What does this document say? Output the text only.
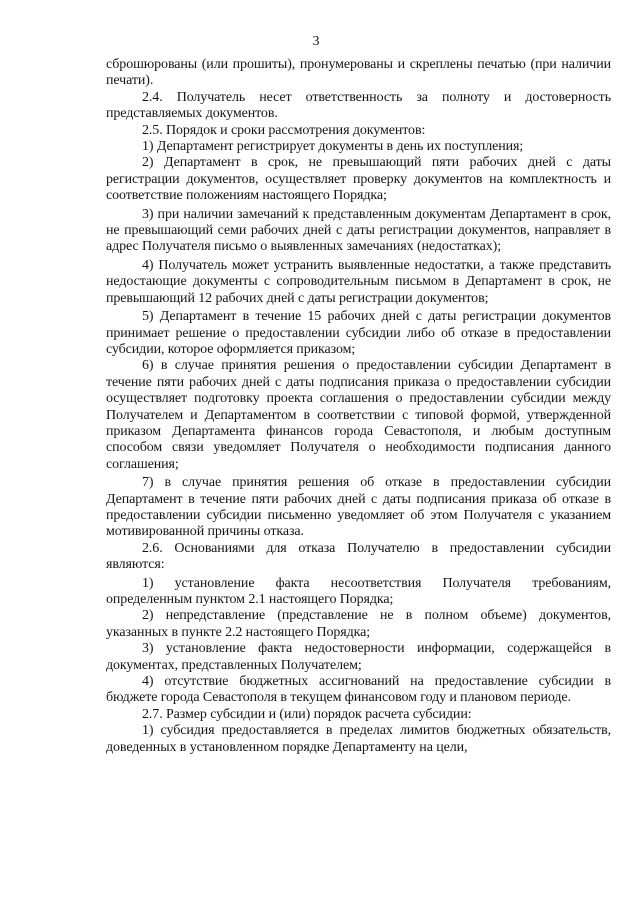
3

сброшюрованы (или прошиты), пронумерованы и скреплены печатью (при наличии печати).

2.4. Получатель несет ответственность за полноту и достоверность представляемых документов.

2.5. Порядок и сроки рассмотрения документов:

1) Департамент регистрирует документы в день их поступления;

2) Департамент в срок, не превышающий пяти рабочих дней с даты регистрации документов, осуществляет проверку документов на комплектность и соответствие положениям настоящего Порядка;

3) при наличии замечаний к представленным документам Департамент в срок, не превышающий семи рабочих дней с даты регистрации документов, направляет в адрес Получателя письмо о выявленных замечаниях (недостатках);

4) Получатель может устранить выявленные недостатки, а также представить недостающие документы с сопроводительным письмом в Департамент в срок, не превышающий 12 рабочих дней с даты регистрации документов;

5) Департамент в течение 15 рабочих дней с даты регистрации документов принимает решение о предоставлении субсидии либо об отказе в предоставлении субсидии, которое оформляется приказом;

6) в случае принятия решения о предоставлении субсидии Департамент в течение пяти рабочих дней с даты подписания приказа о предоставлении субсидии осуществляет подготовку проекта соглашения о предоставлении субсидии между Получателем и Департаментом в соответствии с типовой формой, утвержденной приказом Департамента финансов города Севастополя, и любым доступным способом связи уведомляет Получателя о необходимости подписания данного соглашения;

7) в случае принятия решения об отказе в предоставлении субсидии Департамент в течение пяти рабочих дней с даты подписания приказа об отказе в предоставлении субсидии письменно уведомляет об этом Получателя с указанием мотивированной причины отказа.

2.6. Основаниями для отказа Получателю в предоставлении субсидии являются:

1) установление факта несоответствия Получателя требованиям, определенным пунктом 2.1 настоящего Порядка;

2) непредставление (представление не в полном объеме) документов, указанных в пункте 2.2 настоящего Порядка;

3) установление факта недостоверности информации, содержащейся в документах, представленных Получателем;

4) отсутствие бюджетных ассигнований на предоставление субсидии в бюджете города Севастополя в текущем финансовом году и плановом периоде.

2.7. Размер субсидии и (или) порядок расчета субсидии:

1) субсидия предоставляется в пределах лимитов бюджетных обязательств, доведенных в установленном порядке Департаменту на цели,
